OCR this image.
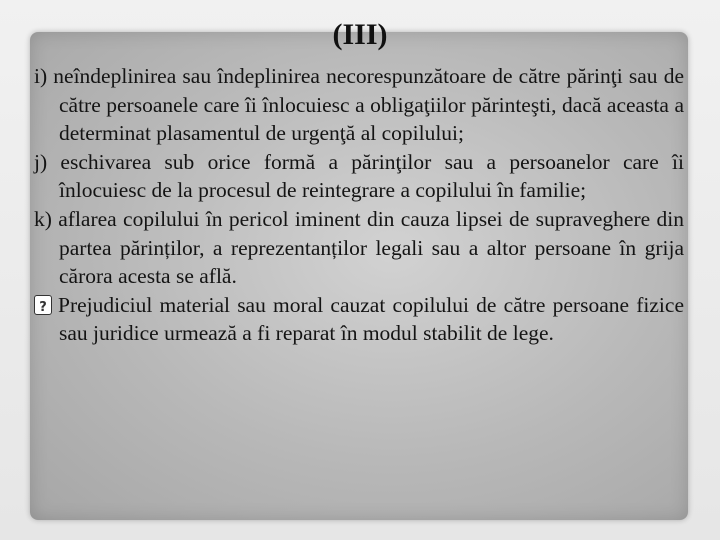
(III)

i) neîndeplinirea sau îndeplinirea necorespunzătoare de către părinţi sau de către persoanele care îi înlocuiesc a obligaţiilor părinteşti, dacă aceasta a determinat plasamentul de urgenţă al copilului;

j) eschivarea sub orice formă a părinţilor sau a persoanelor care îi înlocuiesc de la procesul de reintegrare a copilului în familie;

k) aflarea copilului în pericol iminent din cauza lipsei de supraveghere din partea părinților, a reprezentanților legali sau a altor persoane în grija cărora acesta se află.

?Prejudiciul material sau moral cauzat copilului de către persoane fizice sau juridice urmează a fi reparat în modul stabilit de lege.
